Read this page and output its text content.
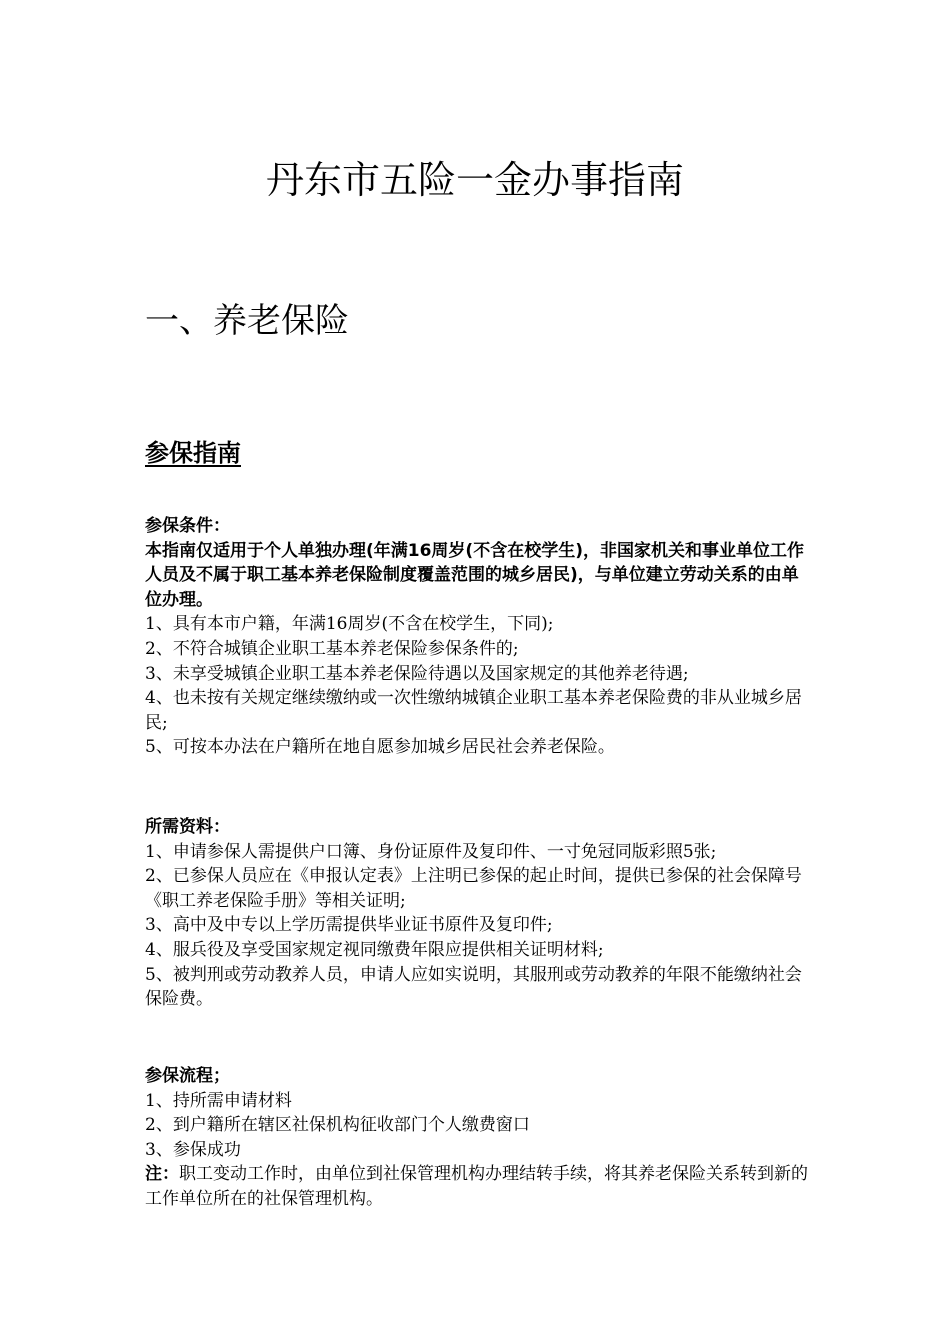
丹东市五险一金办事指南
一、养老保险
参保指南

参保条件：

本指南仅适用于个人单独办理(年满16周岁(不含在校学生)，非国家机关和事业单位工作人员及不属于职工基本养老保险制度覆盖范围的城乡居民)，与单位建立劳动关系的由单位办理。

1、具有本市户籍，年满16周岁(不含在校学生，下同);

2、不符合城镇企业职工基本养老保险参保条件的;

3、未享受城镇企业职工基本养老保险待遇以及国家规定的其他养老待遇;

4、也未按有关规定继续缴纳或一次性缴纳城镇企业职工基本养老保险费的非从业城乡居民;

5、可按本办法在户籍所在地自愿参加城乡居民社会养老保险。

所需资料：

1、申请参保人需提供户口簿、身份证原件及复印件、一寸免冠同版彩照5张;

2、已参保人员应在《申报认定表》上注明已参保的起止时间，提供已参保的社会保障号《职工养老保险手册》等相关证明;

3、高中及中专以上学历需提供毕业证书原件及复印件;

4、服兵役及享受国家规定视同缴费年限应提供相关证明材料;

5、被判刑或劳动教养人员，申请人应如实说明，其服刑或劳动教养的年限不能缴纳社会保险费。

参保流程；

1、持所需申请材料

2、到户籍所在辖区社保机构征收部门个人缴费窗口

3、参保成功

注：职工变动工作时，由单位到社保管理机构办理结转手续，将其养老保险关系转到新的工作单位所在的社保管理机构。
